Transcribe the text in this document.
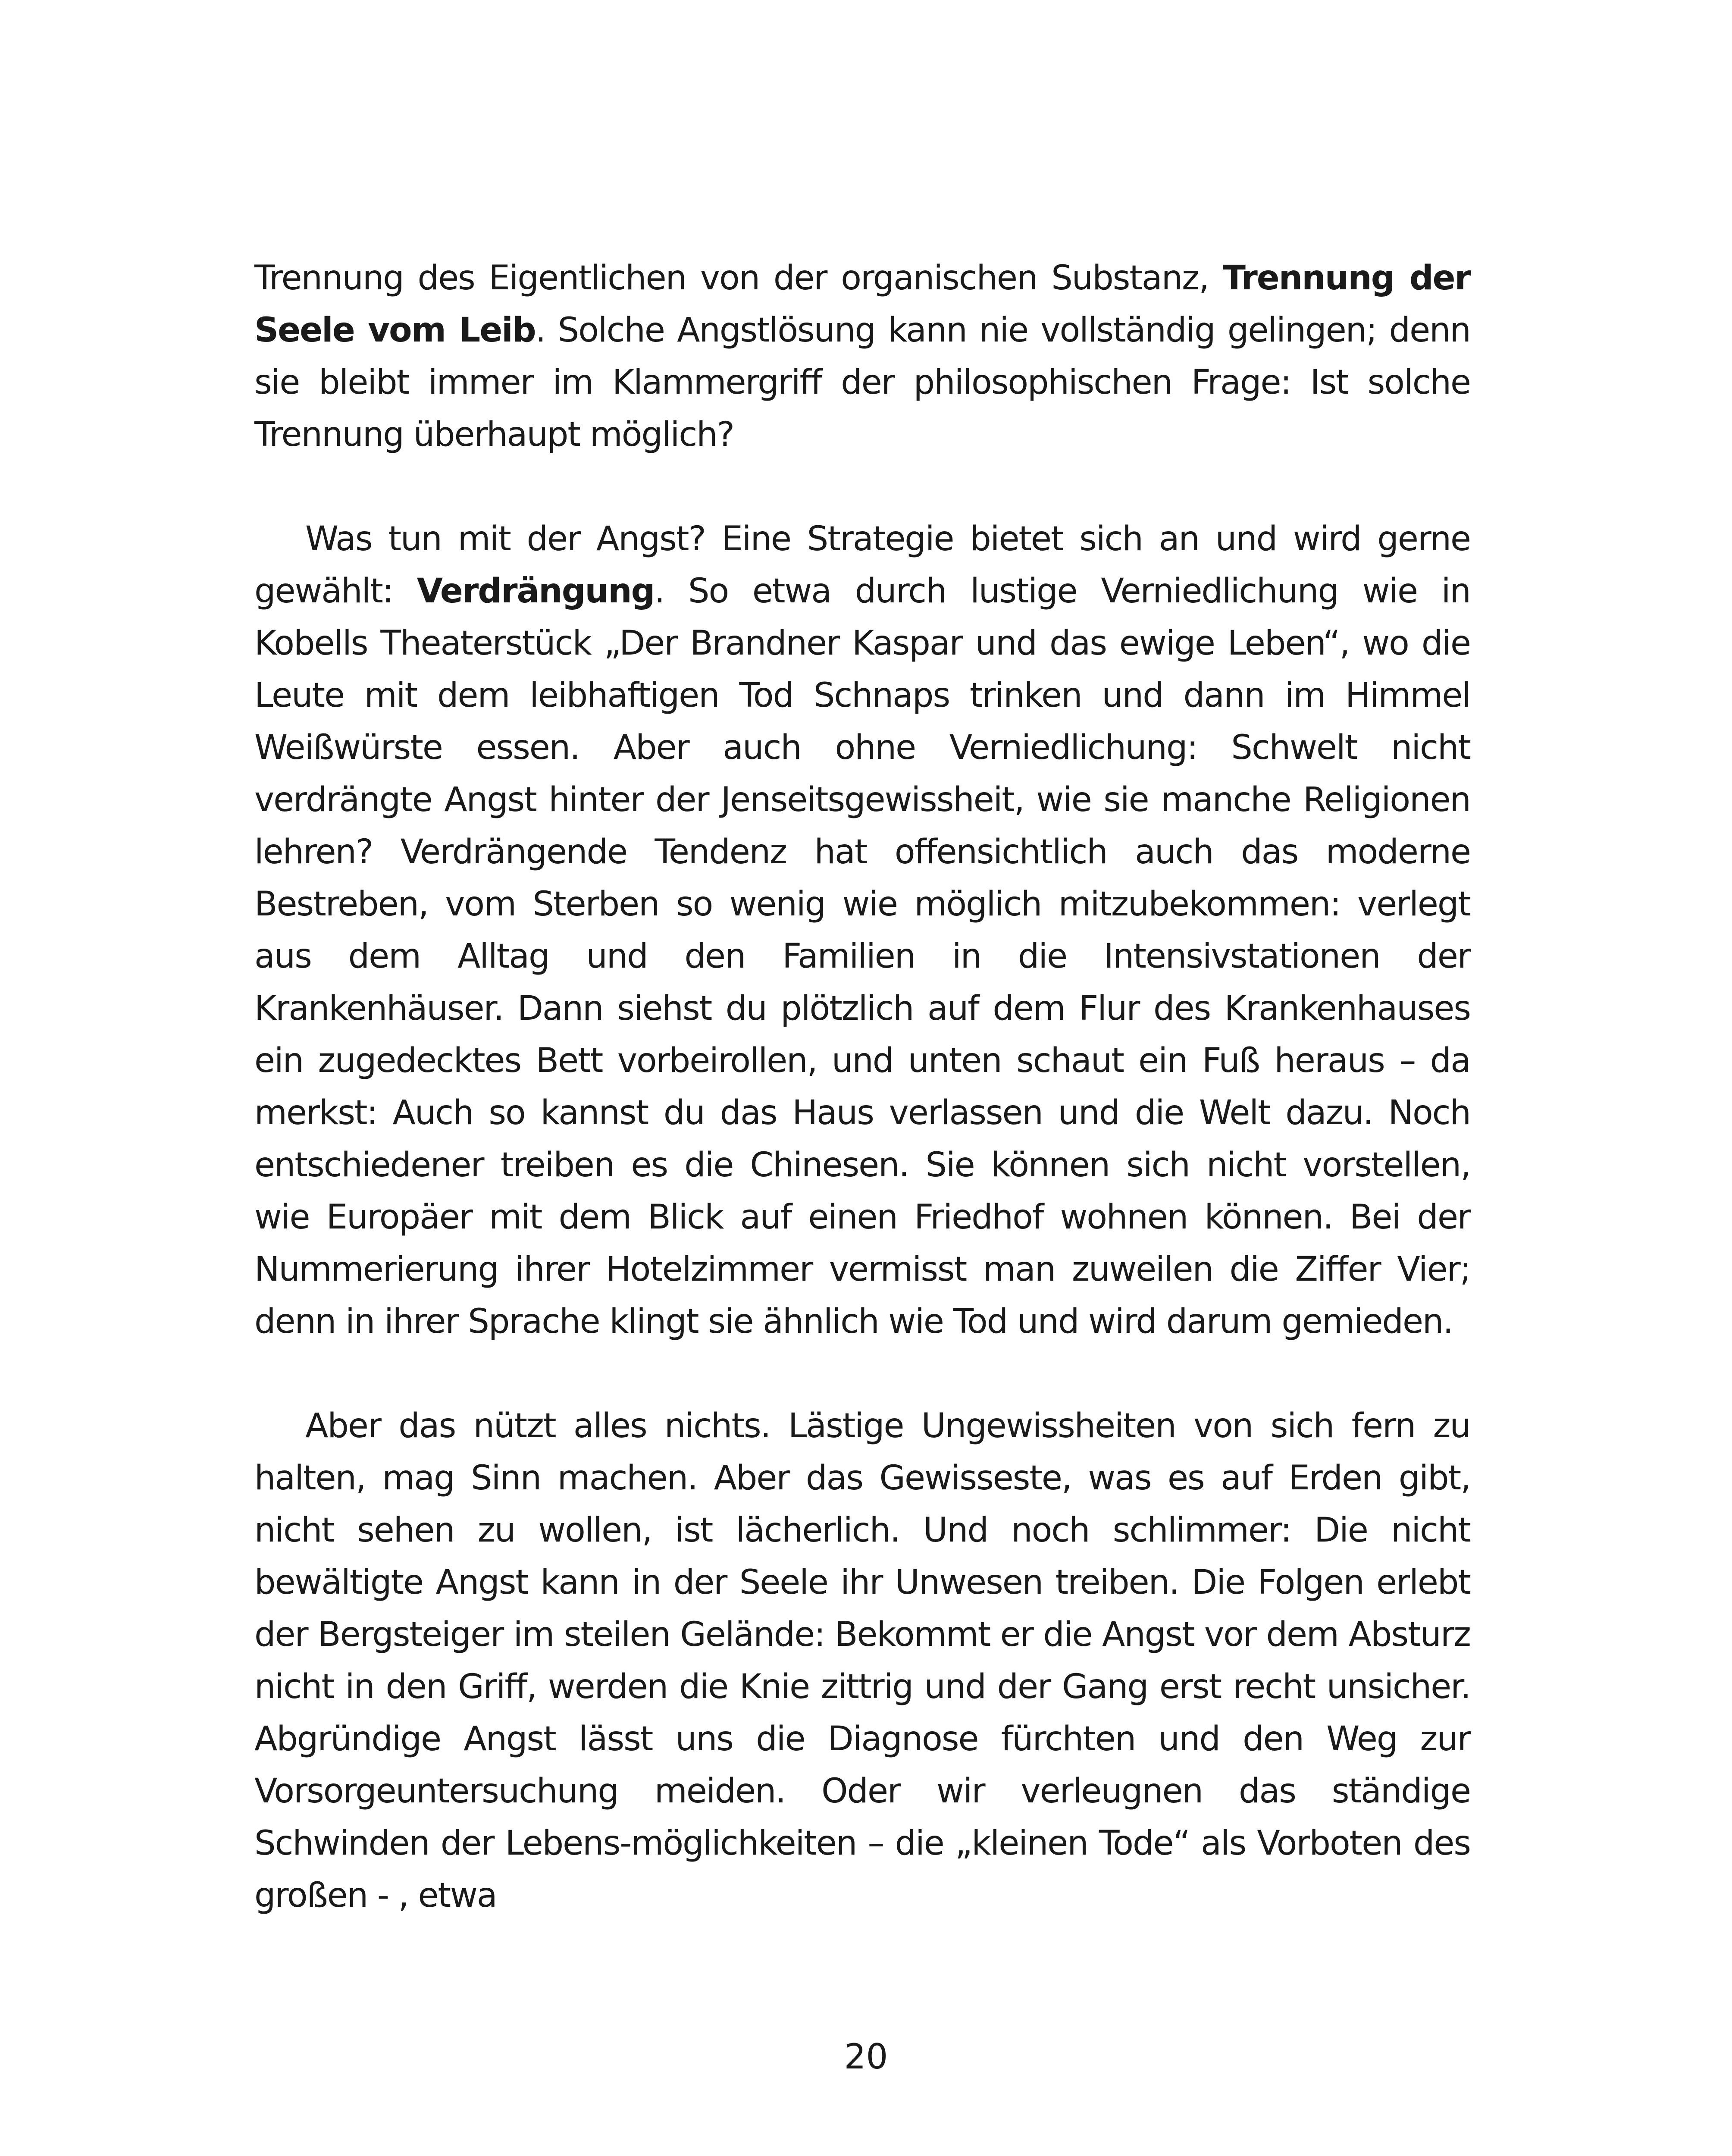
Trennung des Eigentlichen von der organischen Substanz, Trennung der Seele vom Leib. Solche Angstlösung kann nie vollständig gelingen; denn sie bleibt immer im Klammergriff der philosophischen Frage: Ist solche Trennung überhaupt möglich?

Was tun mit der Angst? Eine Strategie bietet sich an und wird gerne gewählt: Verdrängung. So etwa durch lustige Verniedlichung wie in Kobells Theaterstück „Der Brandner Kaspar und das ewige Leben“, wo die Leute mit dem leibhaftigen Tod Schnaps trinken und dann im Himmel Weißwürste essen. Aber auch ohne Verniedlichung: Schwelt nicht verdrängte Angst hinter der Jenseitsgewissheit, wie sie manche Religionen lehren? Verdrängende Tendenz hat offensichtlich auch das moderne Bestreben, vom Sterben so wenig wie möglich mitzubekommen: verlegt aus dem Alltag und den Familien in die Intensivstationen der Krankenhäuser. Dann siehst du plötzlich auf dem Flur des Krankenhauses ein zugedecktes Bett vorbeirollen, und unten schaut ein Fuß heraus – da merkst: Auch so kannst du das Haus verlassen und die Welt dazu. Noch entschiedener treiben es die Chinesen. Sie können sich nicht vorstellen, wie Europäer mit dem Blick auf einen Friedhof wohnen können. Bei der Nummerierung ihrer Hotelzimmer vermisst man zuweilen die Ziffer Vier; denn in ihrer Sprache klingt sie ähnlich wie Tod und wird darum gemieden.

Aber das nützt alles nichts. Lästige Ungewissheiten von sich fern zu halten, mag Sinn machen. Aber das Gewisseste, was es auf Erden gibt, nicht sehen zu wollen, ist lächerlich. Und noch schlimmer: Die nicht bewältigte Angst kann in der Seele ihr Unwesen treiben. Die Folgen erlebt der Bergsteiger im steilen Gelände: Bekommt er die Angst vor dem Absturz nicht in den Griff, werden die Knie zittrig und der Gang erst recht unsicher. Abgründige Angst lässt uns die Diagnose fürchten und den Weg zur Vorsorgeuntersuchung meiden. Oder wir verleugnen das ständige Schwinden der Lebens-möglichkeiten – die „kleinen Tode“ als Vorboten des großen - , etwa

20
